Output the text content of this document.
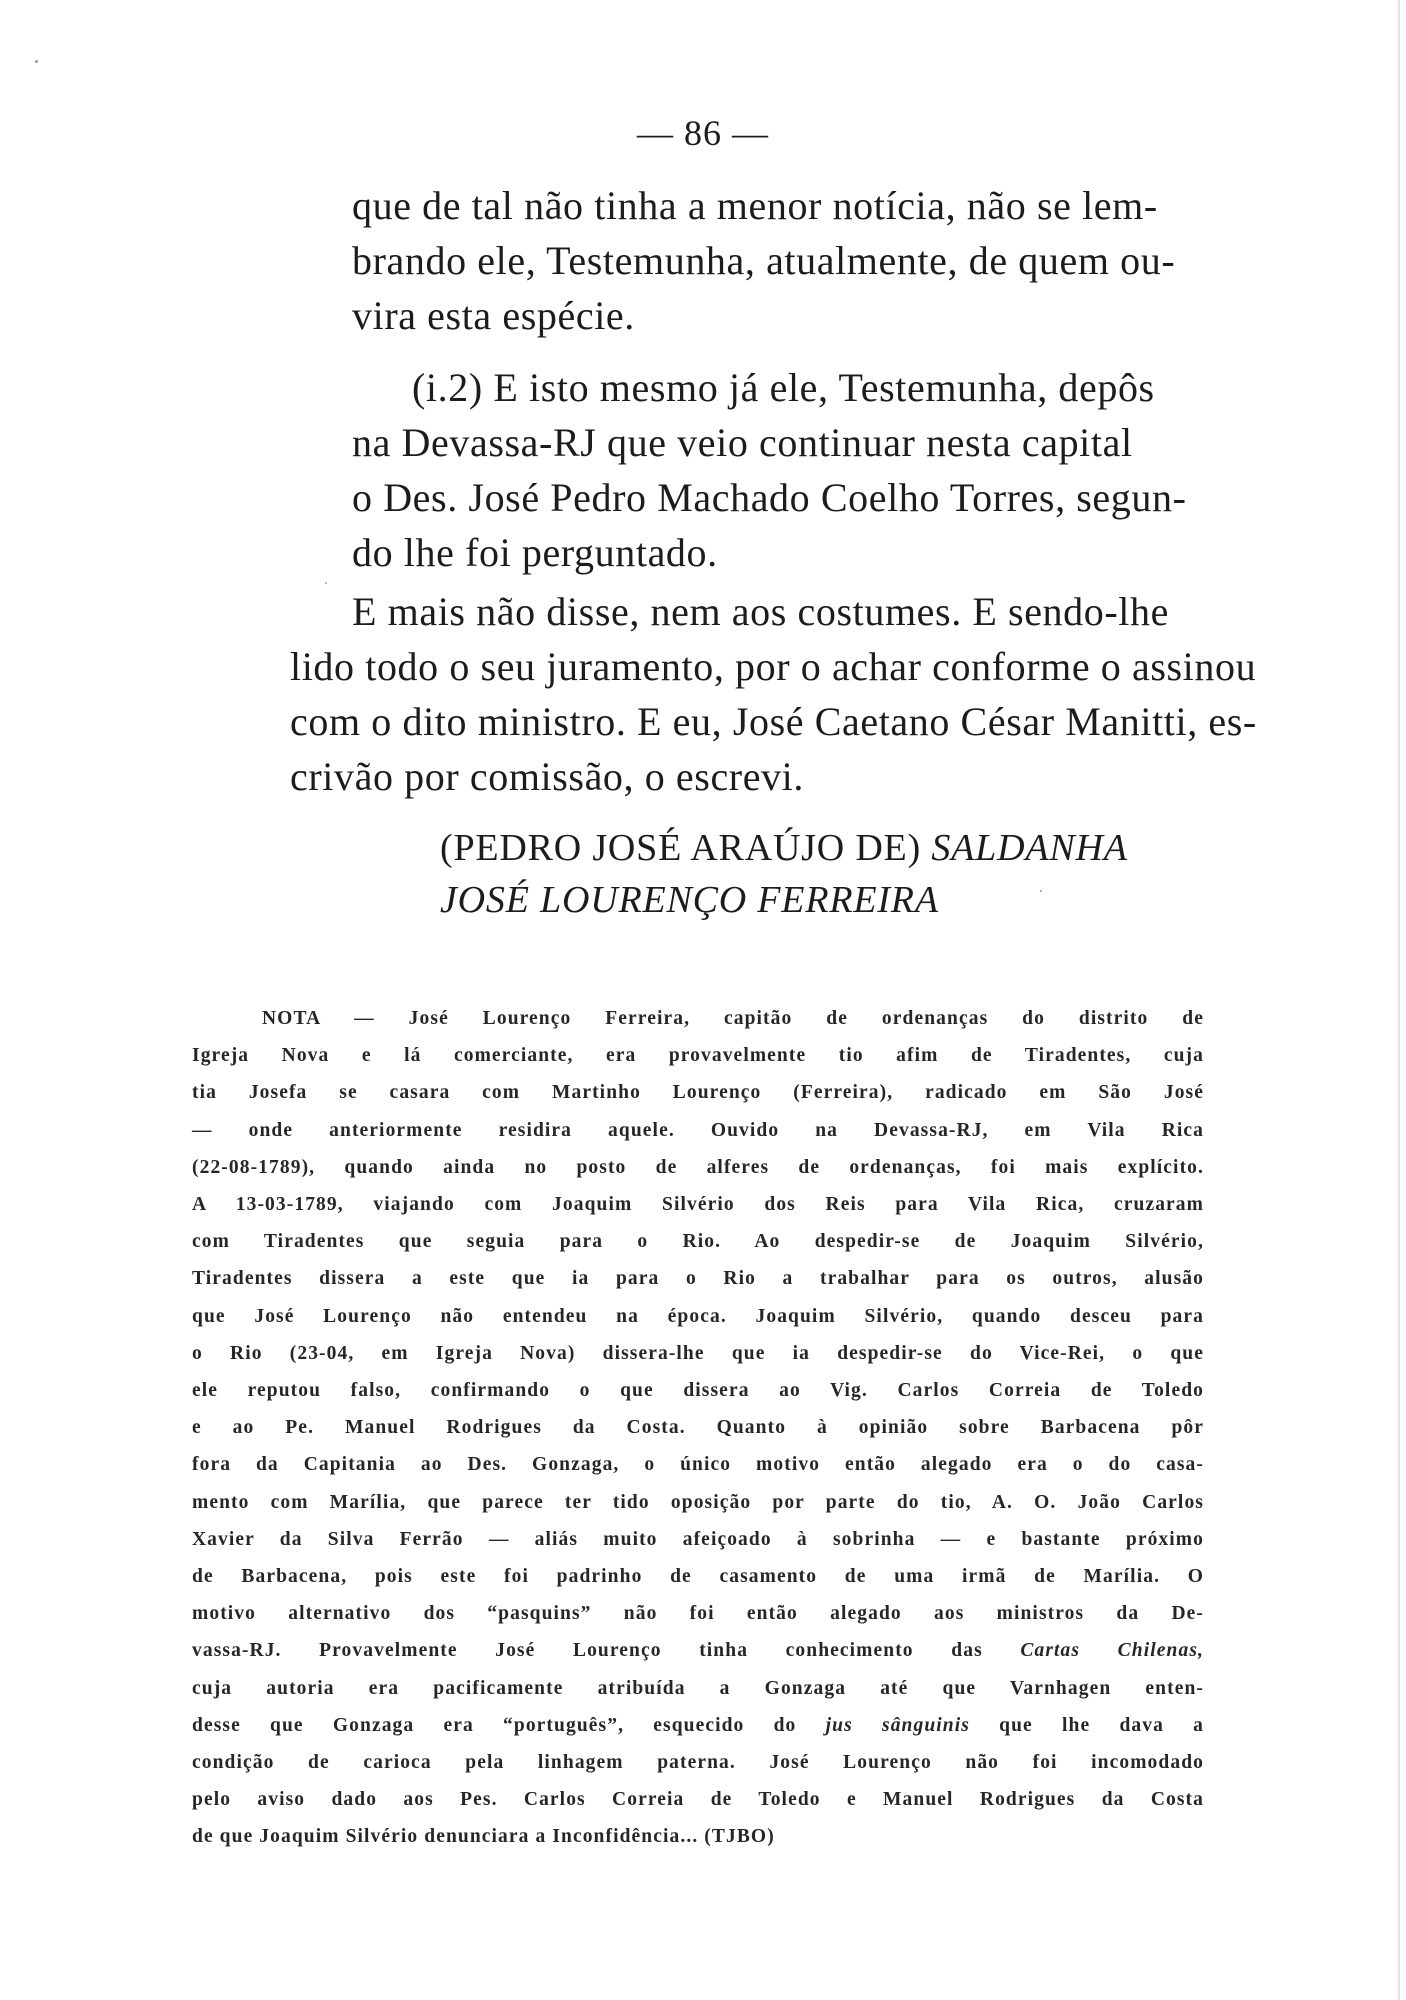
— 86 —
que de tal não tinha a menor notícia, não se lem-
brando ele, Testemunha, atualmente, de quem ou-
vira esta espécie.
(i.2) E isto mesmo já ele, Testemunha, depôs
na Devassa-RJ que veio continuar nesta capital
o Des. José Pedro Machado Coelho Torres, segun-
do lhe foi perguntado.
E mais não disse, nem aos costumes. E sendo-lhe
lido todo o seu juramento, por o achar conforme o assinou
com o dito ministro. E eu, José Caetano César Manitti, es-
crivão por comissão, o escrevi.
(PEDRO JOSÉ ARAÚJO DE) SALDANHA
JOSÉ LOURENÇO FERREIRA
NOTA — José Lourenço Ferreira, capitão de ordenanças do distrito de
Igreja Nova e lá comerciante, era provavelmente tio afim de Tiradentes, cuja
tia Josefa se casara com Martinho Lourenço (Ferreira), radicado em São José
— onde anteriormente residira aquele. Ouvido na Devassa-RJ, em Vila Rica
(22-08-1789), quando ainda no posto de alferes de ordenanças, foi mais explícito.
A 13-03-1789, viajando com Joaquim Silvério dos Reis para Vila Rica, cruzaram
com Tiradentes que seguia para o Rio. Ao despedir-se de Joaquim Silvério,
Tiradentes dissera a este que ia para o Rio a trabalhar para os outros, alusão
que José Lourenço não entendeu na época. Joaquim Silvério, quando desceu para
o Rio (23-04, em Igreja Nova) dissera-lhe que ia despedir-se do Vice-Rei, o que
ele reputou falso, confirmando o que dissera ao Vig. Carlos Correia de Toledo
e ao Pe. Manuel Rodrigues da Costa. Quanto à opinião sobre Barbacena pôr
fora da Capitania ao Des. Gonzaga, o único motivo então alegado era o do casa-
mento com Marília, que parece ter tido oposição por parte do tio, A. O. João Carlos
Xavier da Silva Ferrão — aliás muito afeiçoado à sobrinha — e bastante próximo
de Barbacena, pois este foi padrinho de casamento de uma irmã de Marília. O
motivo alternativo dos “pasquins” não foi então alegado aos ministros da De-
vassa-RJ. Provavelmente José Lourenço tinha conhecimento das Cartas Chilenas,
cuja autoria era pacificamente atribuída a Gonzaga até que Varnhagen enten-
desse que Gonzaga era “português”, esquecido do jus sânguinis que lhe dava a
condição de carioca pela linhagem paterna. José Lourenço não foi incomodado
pelo aviso dado aos Pes. Carlos Correia de Toledo e Manuel Rodrigues da Costa
de que Joaquim Silvério denunciara a Inconfidência... (TJBO)
